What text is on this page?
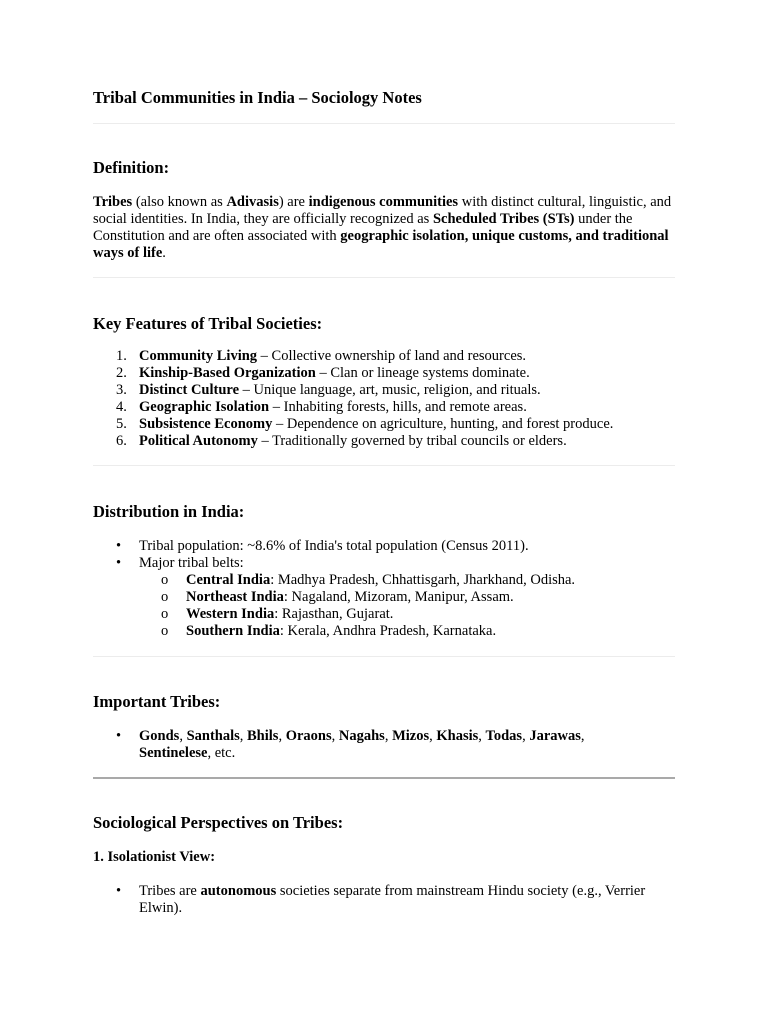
Tribal Communities in India – Sociology Notes
Definition:

Tribes (also known as Adivasis) are indigenous communities with distinct cultural, linguistic, and social identities. In India, they are officially recognized as Scheduled Tribes (STs) under the Constitution and are often associated with geographic isolation, unique customs, and traditional ways of life.

Key Features of Tribal Societies:
1. Community Living – Collective ownership of land and resources.
2. Kinship-Based Organization – Clan or lineage systems dominate.
3. Distinct Culture – Unique language, art, music, religion, and rituals.
4. Geographic Isolation – Inhabiting forests, hills, and remote areas.
5. Subsistence Economy – Dependence on agriculture, hunting, and forest produce.
6. Political Autonomy – Traditionally governed by tribal councils or elders.
Distribution in India:
• Tribal population: ~8.6% of India's total population (Census 2011).
• Major tribal belts:
o Central India: Madhya Pradesh, Chhattisgarh, Jharkhand, Odisha.
o Northeast India: Nagaland, Mizoram, Manipur, Assam.
o Western India: Rajasthan, Gujarat.
o Southern India: Kerala, Andhra Pradesh, Karnataka.
Important Tribes:
• Gonds, Santhals, Bhils, Oraons, Nagahs, Mizos, Khasis, Todas, Jarawas, Sentinelese, etc.
Sociological Perspectives on Tribes:
1. Isolationist View:
• Tribes are autonomous societies separate from mainstream Hindu society (e.g., Verrier Elwin).
